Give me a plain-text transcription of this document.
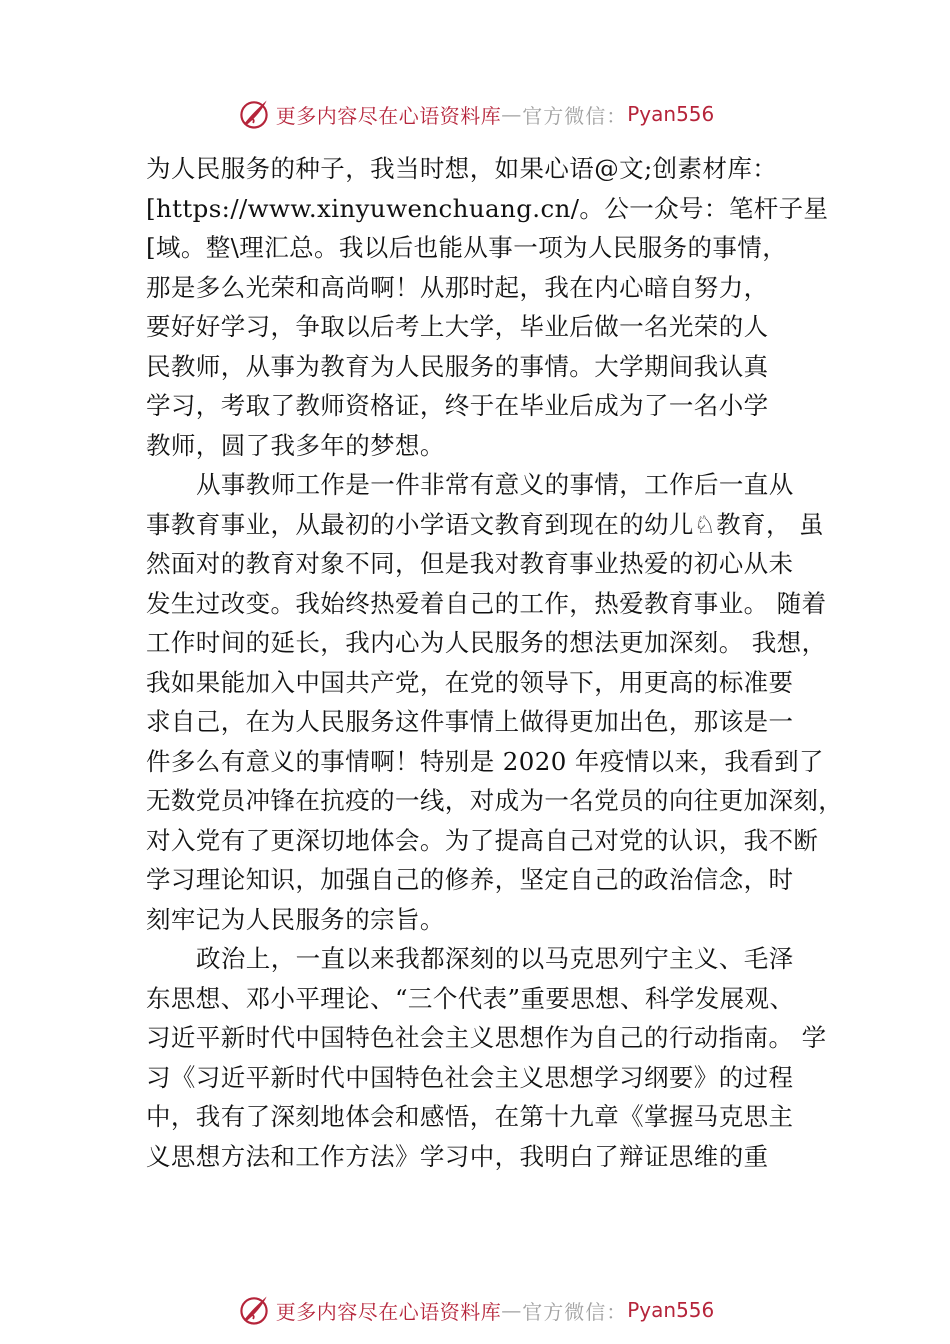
更多内容尽在心语资料库 — 官方微信： Pyan556
为人民服务的种子，我当时想，如果心语@文;创素材库：
[https://www.xinyuwenchuang.cn/。公一众号：笔杆子星
[域。整\理汇总。我以后也能从事一项为人民服务的事情，
那是多么光荣和高尚啊！从那时起，我在内心暗自努力，
要好好学习，争取以后考上大学，毕业后做一名光荣的人
民教师，从事为教育为人民服务的事情。大学期间我认真
学习，考取了教师资格证，终于在毕业后成为了一名小学
教师，圆了我多年的梦想。
从事教师工作是一件非常有意义的事情，工作后一直从
事教育事业，从最初的小学语文教育到现在的幼儿♘教育， 虽
然面对的教育对象不同，但是我对教育事业热爱的初心从未
发生过改变。我始终热爱着自己的工作，热爱教育事业。 随着
工作时间的延长，我内心为人民服务的想法更加深刻。 我想，
我如果能加入中国共产党，在党的领导下，用更高的标准要
求自己，在为人民服务这件事情上做得更加出色，那该是一
件多么有意义的事情啊！特别是 2020 年疫情以来，我看到了
无数党员冲锋在抗疫的一线，对成为一名党员的向往更加深刻，
对入党有了更深切地体会。为了提高自己对党的认识，我不断
学习理论知识，加强自己的修养，坚定自己的政治信念，时
刻牢记为人民服务的宗旨。
政治上，一直以来我都深刻的以马克思列宁主义、毛泽
东思想、邓小平理论、“三个代表”重要思想、科学发展观、
习近平新时代中国特色社会主义思想作为自己的行动指南。 学
习《习近平新时代中国特色社会主义思想学习纲要》的过程
中，我有了深刻地体会和感悟，在第十九章《掌握马克思主
义思想方法和工作方法》学习中，我明白了辩证思维的重
更多内容尽在心语资料库 — 官方微信： Pyan556
